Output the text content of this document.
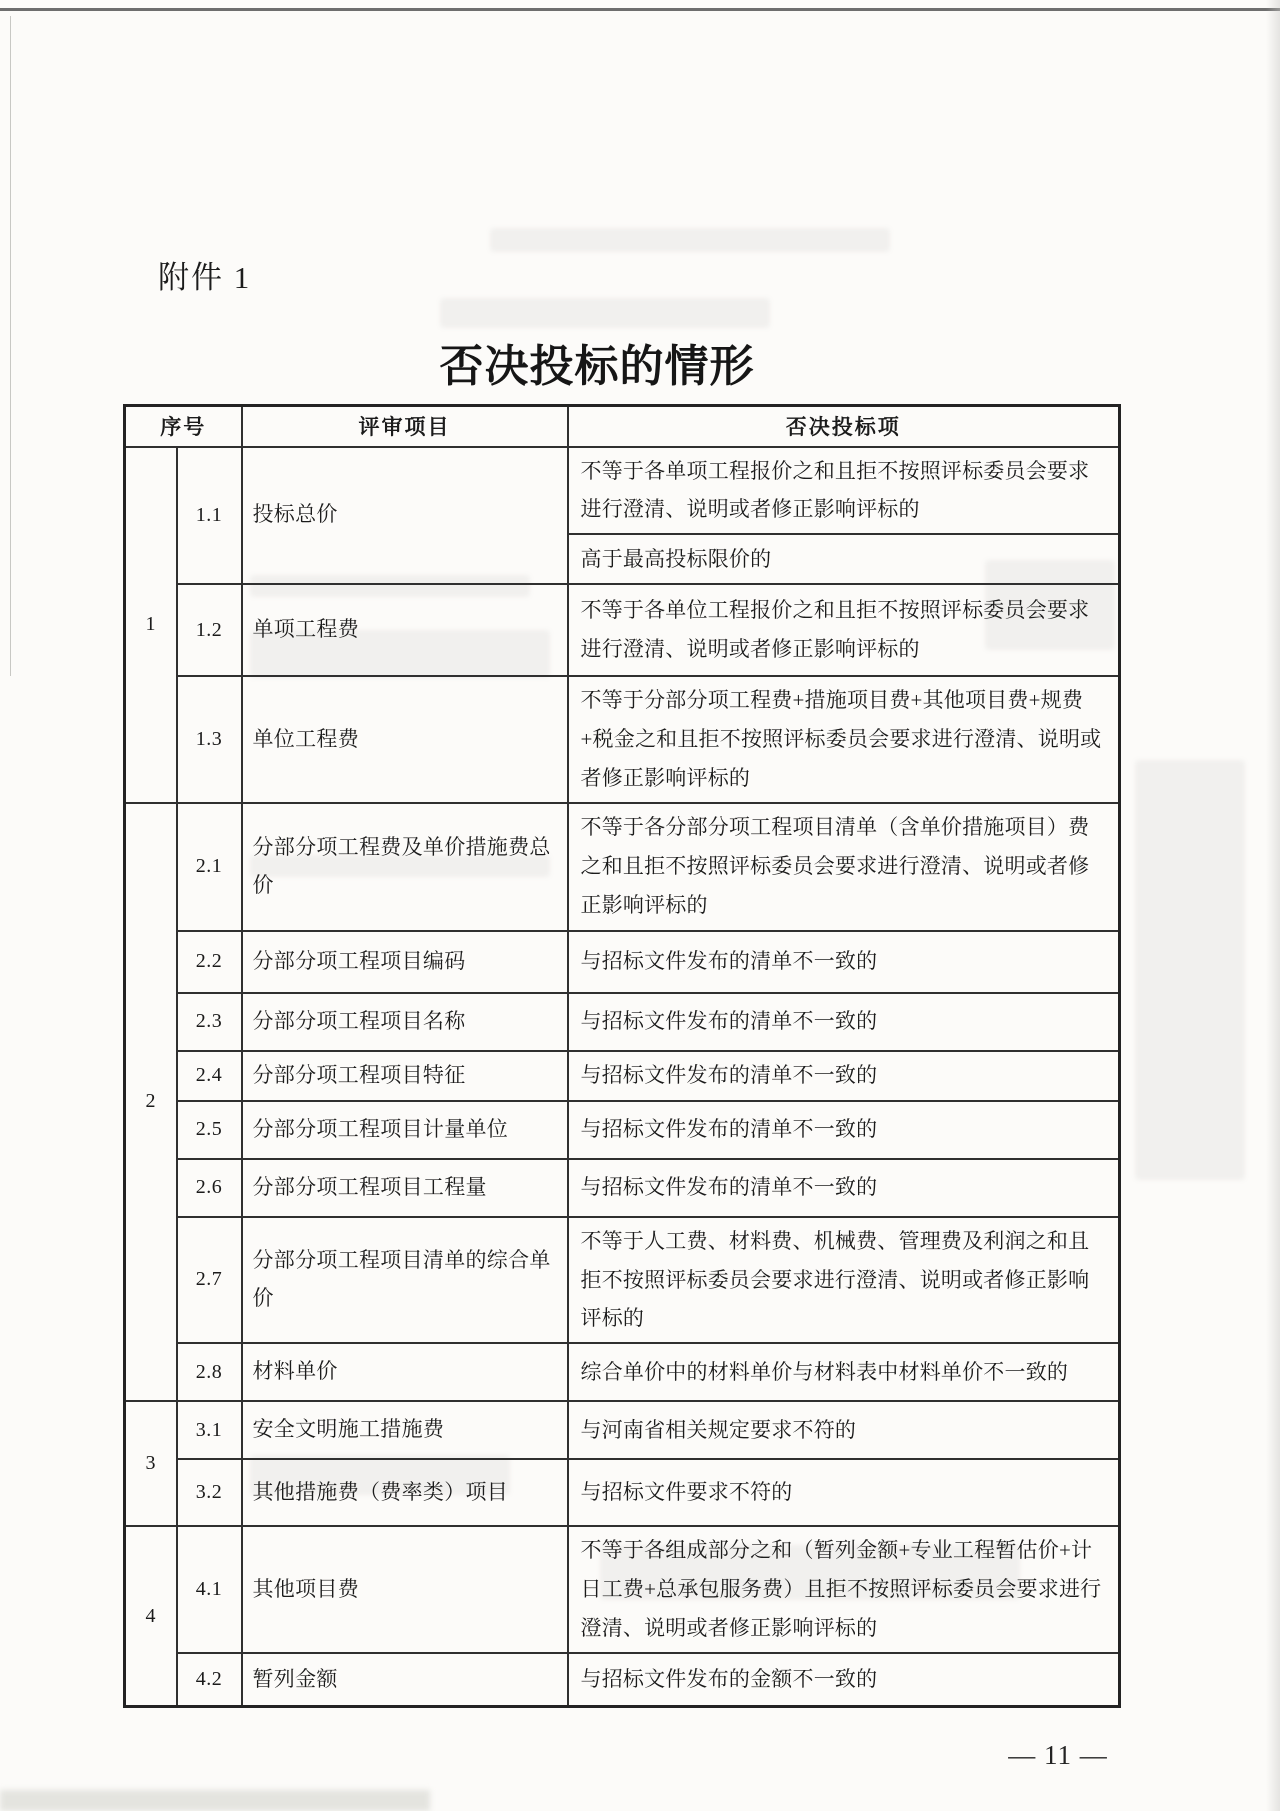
附件 1
否决投标的情形
序号		评审项目	否决投标项
1	1.1	投标总价	不等于各单项工程报价之和且拒不按照评标委员会要求进行澄清、说明或者修正影响评标的
			高于最高投标限价的
	1.2	单项工程费	不等于各单位工程报价之和且拒不按照评标委员会要求进行澄清、说明或者修正影响评标的
	1.3	单位工程费	不等于分部分项工程费+措施项目费+其他项目费+规费+税金之和且拒不按照评标委员会要求进行澄清、说明或者修正影响评标的
2	2.1	分部分项工程费及单价措施费总价	不等于各分部分项工程项目清单（含单价措施项目）费之和且拒不按照评标委员会要求进行澄清、说明或者修正影响评标的
	2.2	分部分项工程项目编码	与招标文件发布的清单不一致的
	2.3	分部分项工程项目名称	与招标文件发布的清单不一致的
	2.4	分部分项工程项目特征	与招标文件发布的清单不一致的
	2.5	分部分项工程项目计量单位	与招标文件发布的清单不一致的
	2.6	分部分项工程项目工程量	与招标文件发布的清单不一致的
	2.7	分部分项工程项目清单的综合单价	不等于人工费、材料费、机械费、管理费及利润之和且拒不按照评标委员会要求进行澄清、说明或者修正影响评标的
	2.8	材料单价	综合单价中的材料单价与材料表中材料单价不一致的
3	3.1	安全文明施工措施费	与河南省相关规定要求不符的
	3.2	其他措施费（费率类）项目	与招标文件要求不符的
4	4.1	其他项目费	不等于各组成部分之和（暂列金额+专业工程暂估价+计日工费+总承包服务费）且拒不按照评标委员会要求进行澄清、说明或者修正影响评标的
	4.2	暂列金额	与招标文件发布的金额不一致的
— 11 —
